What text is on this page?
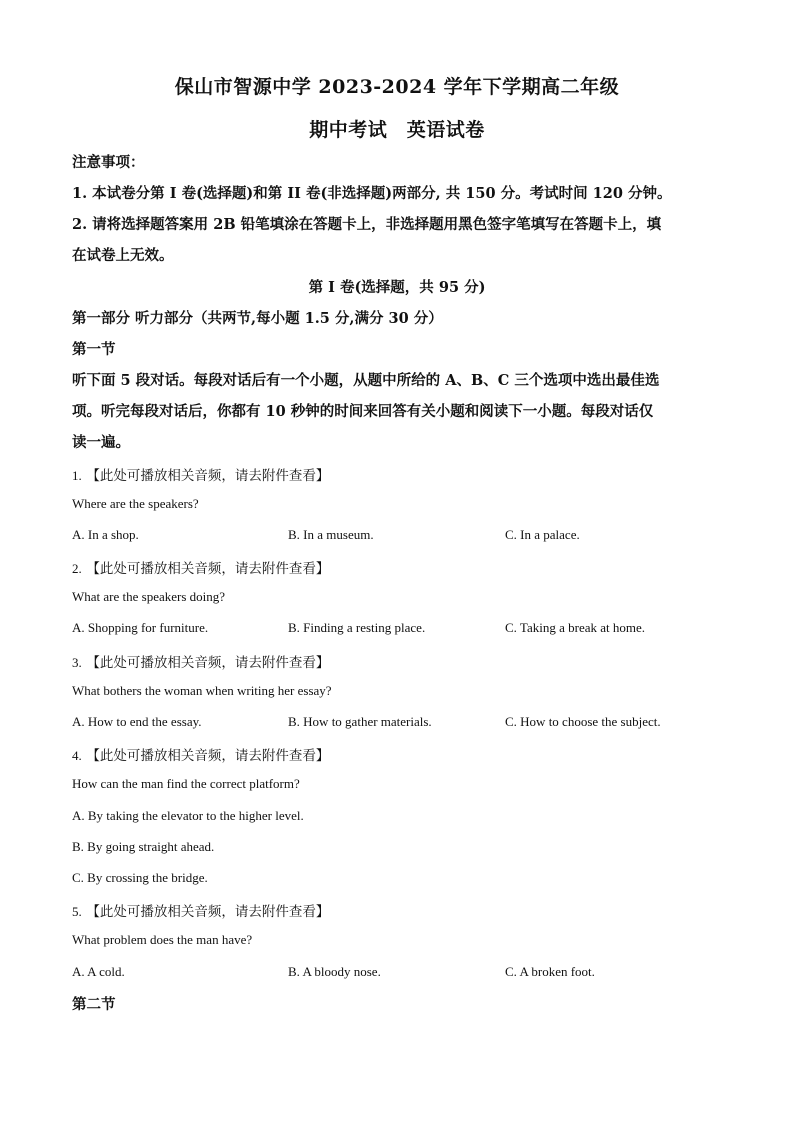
保山市智源中学 2023-2024 学年下学期高二年级
期中考试　英语试卷
注意事项：
1. 本试卷分第 I 卷(选择题)和第 II 卷(非选择题)两部分, 共 150 分。考试时间 120 分钟。
2. 请将选择题答案用 2B 铅笔填涂在答题卡上，非选择题用黑色签字笔填写在答题卡上，填
在试卷上无效。
第 I 卷(选择题，共 95 分)
第一部分 听力部分（共两节,每小题 1.5 分,满分 30 分）
第一节
听下面 5 段对话。每段对话后有一个小题，从题中所给的 A、B、C 三个选项中选出最佳选
项。听完每段对话后，你都有 10 秒钟的时间来回答有关小题和阅读下一小题。每段对话仅
读一遍。
1. 【此处可播放相关音频，请去附件查看】
Where are the speakers?
A. In a shop.	B. In a museum.	C. In a palace.
2. 【此处可播放相关音频，请去附件查看】
What are the speakers doing?
A. Shopping for furniture.	B. Finding a resting place.	C. Taking a break at home.
3. 【此处可播放相关音频，请去附件查看】
What bothers the woman when writing her essay?
A. How to end the essay.	B. How to gather materials.	C. How to choose the subject.
4. 【此处可播放相关音频，请去附件查看】
How can the man find the correct platform?
A. By taking the elevator to the higher level.
B. By going straight ahead.
C. By crossing the bridge.
5. 【此处可播放相关音频，请去附件查看】
What problem does the man have?
A. A cold.	B. A bloody nose.	C. A broken foot.
第二节
